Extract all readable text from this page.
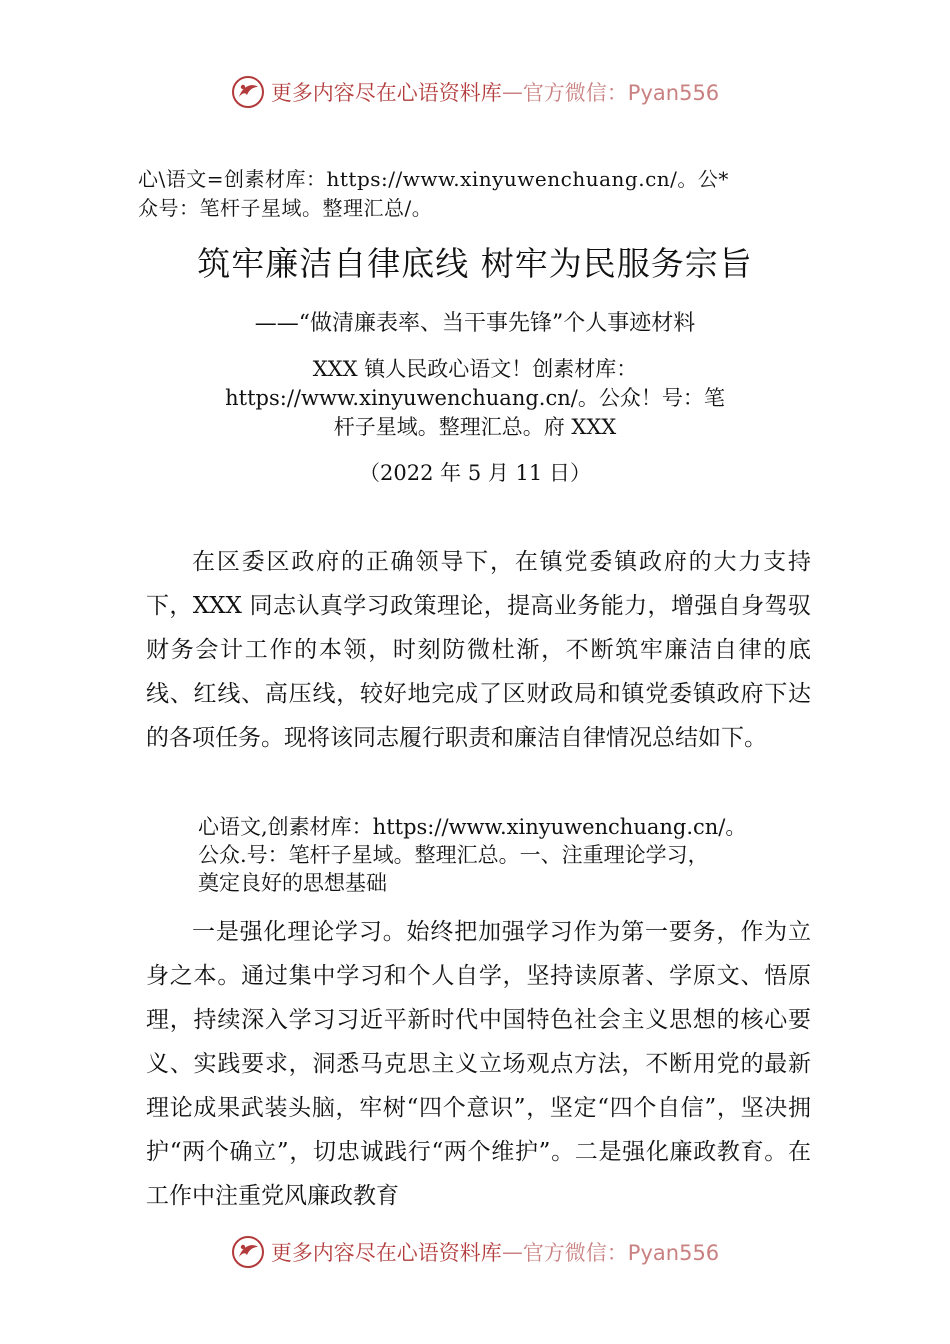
更多内容尽在心语资料库 — 官方微信：Pyan556
心\语文=创素材库：https://www.xinyuwenchuang.cn/。公*
众号：笔杆子星域。整理汇总/。
筑牢廉洁自律底线 树牢为民服务宗旨
——“做清廉表率、当干事先锋”个人事迹材料
XXX 镇人民政心语文！创素材库：
https://www.xinyuwenchuang.cn/。公众！号：笔
杆子星域。整理汇总。府 XXX
（2022 年 5 月 11 日）

在区委区政府的正确领导下，在镇党委镇政府的大力支持下，XXX 同志认真学习政策理论，提高业务能力，增强自身驾驭财务会计工作的本领，时刻防微杜渐，不断筑牢廉洁自律的底线、红线、高压线，较好地完成了区财政局和镇党委镇政府下达的各项任务。现将该同志履行职责和廉洁自律情况总结如下。

心语文,创素材库：https://www.xinyuwenchuang.cn/。

公众.号：笔杆子星域。整理汇总。一、注重理论学习，

奠定良好的思想基础

一是强化理论学习。始终把加强学习作为第一要务，作为立身之本。通过集中学习和个人自学，坚持读原著、学原文、悟原理，持续深入学习习近平新时代中国特色社会主义思想的核心要义、实践要求，洞悉马克思主义立场观点方法，不断用党的最新理论成果武装头脑，牢树“四个意识”，坚定“四个自信”，坚决拥护“两个确立”，切忠诚践行“两个维护”。二是强化廉政教育。在工作中注重党风廉政教育

更多内容尽在心语资料库 — 官方微信：Pyan556
